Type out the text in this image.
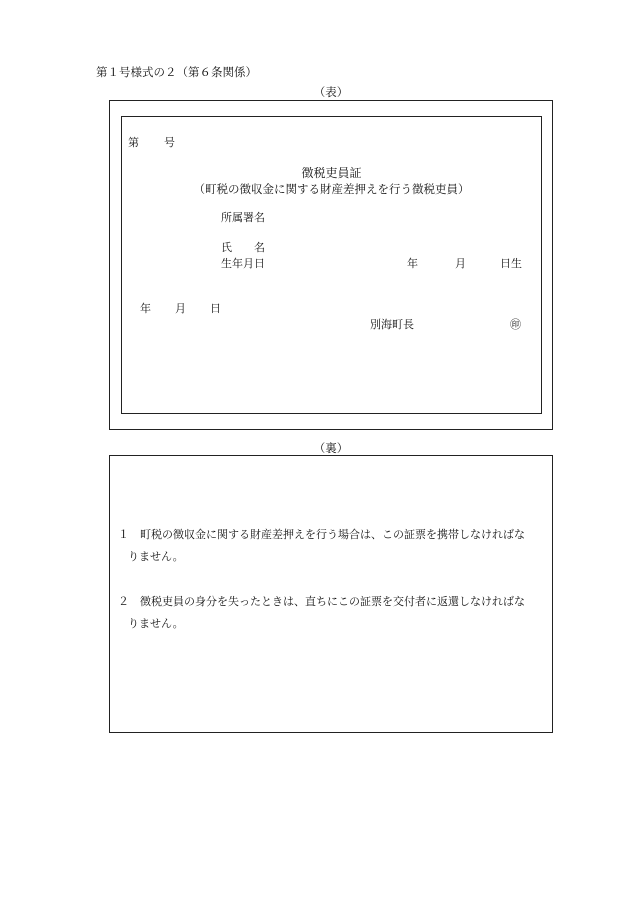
第１号様式の２（第６条関係）
（表）
第 号
徴税吏員証
（町税の徴収金に関する財産差押えを行う徴税吏員）
所属署名
氏 名
生年月日	年	月	日生
年 月 日
別海町長	㊞
（裏）
１　町税の徴収金に関する財産差押えを行う場合は、この証票を携帯しなければな
りません。
２　徴税吏員の身分を失ったときは、直ちにこの証票を交付者に返還しなければな
りません。
